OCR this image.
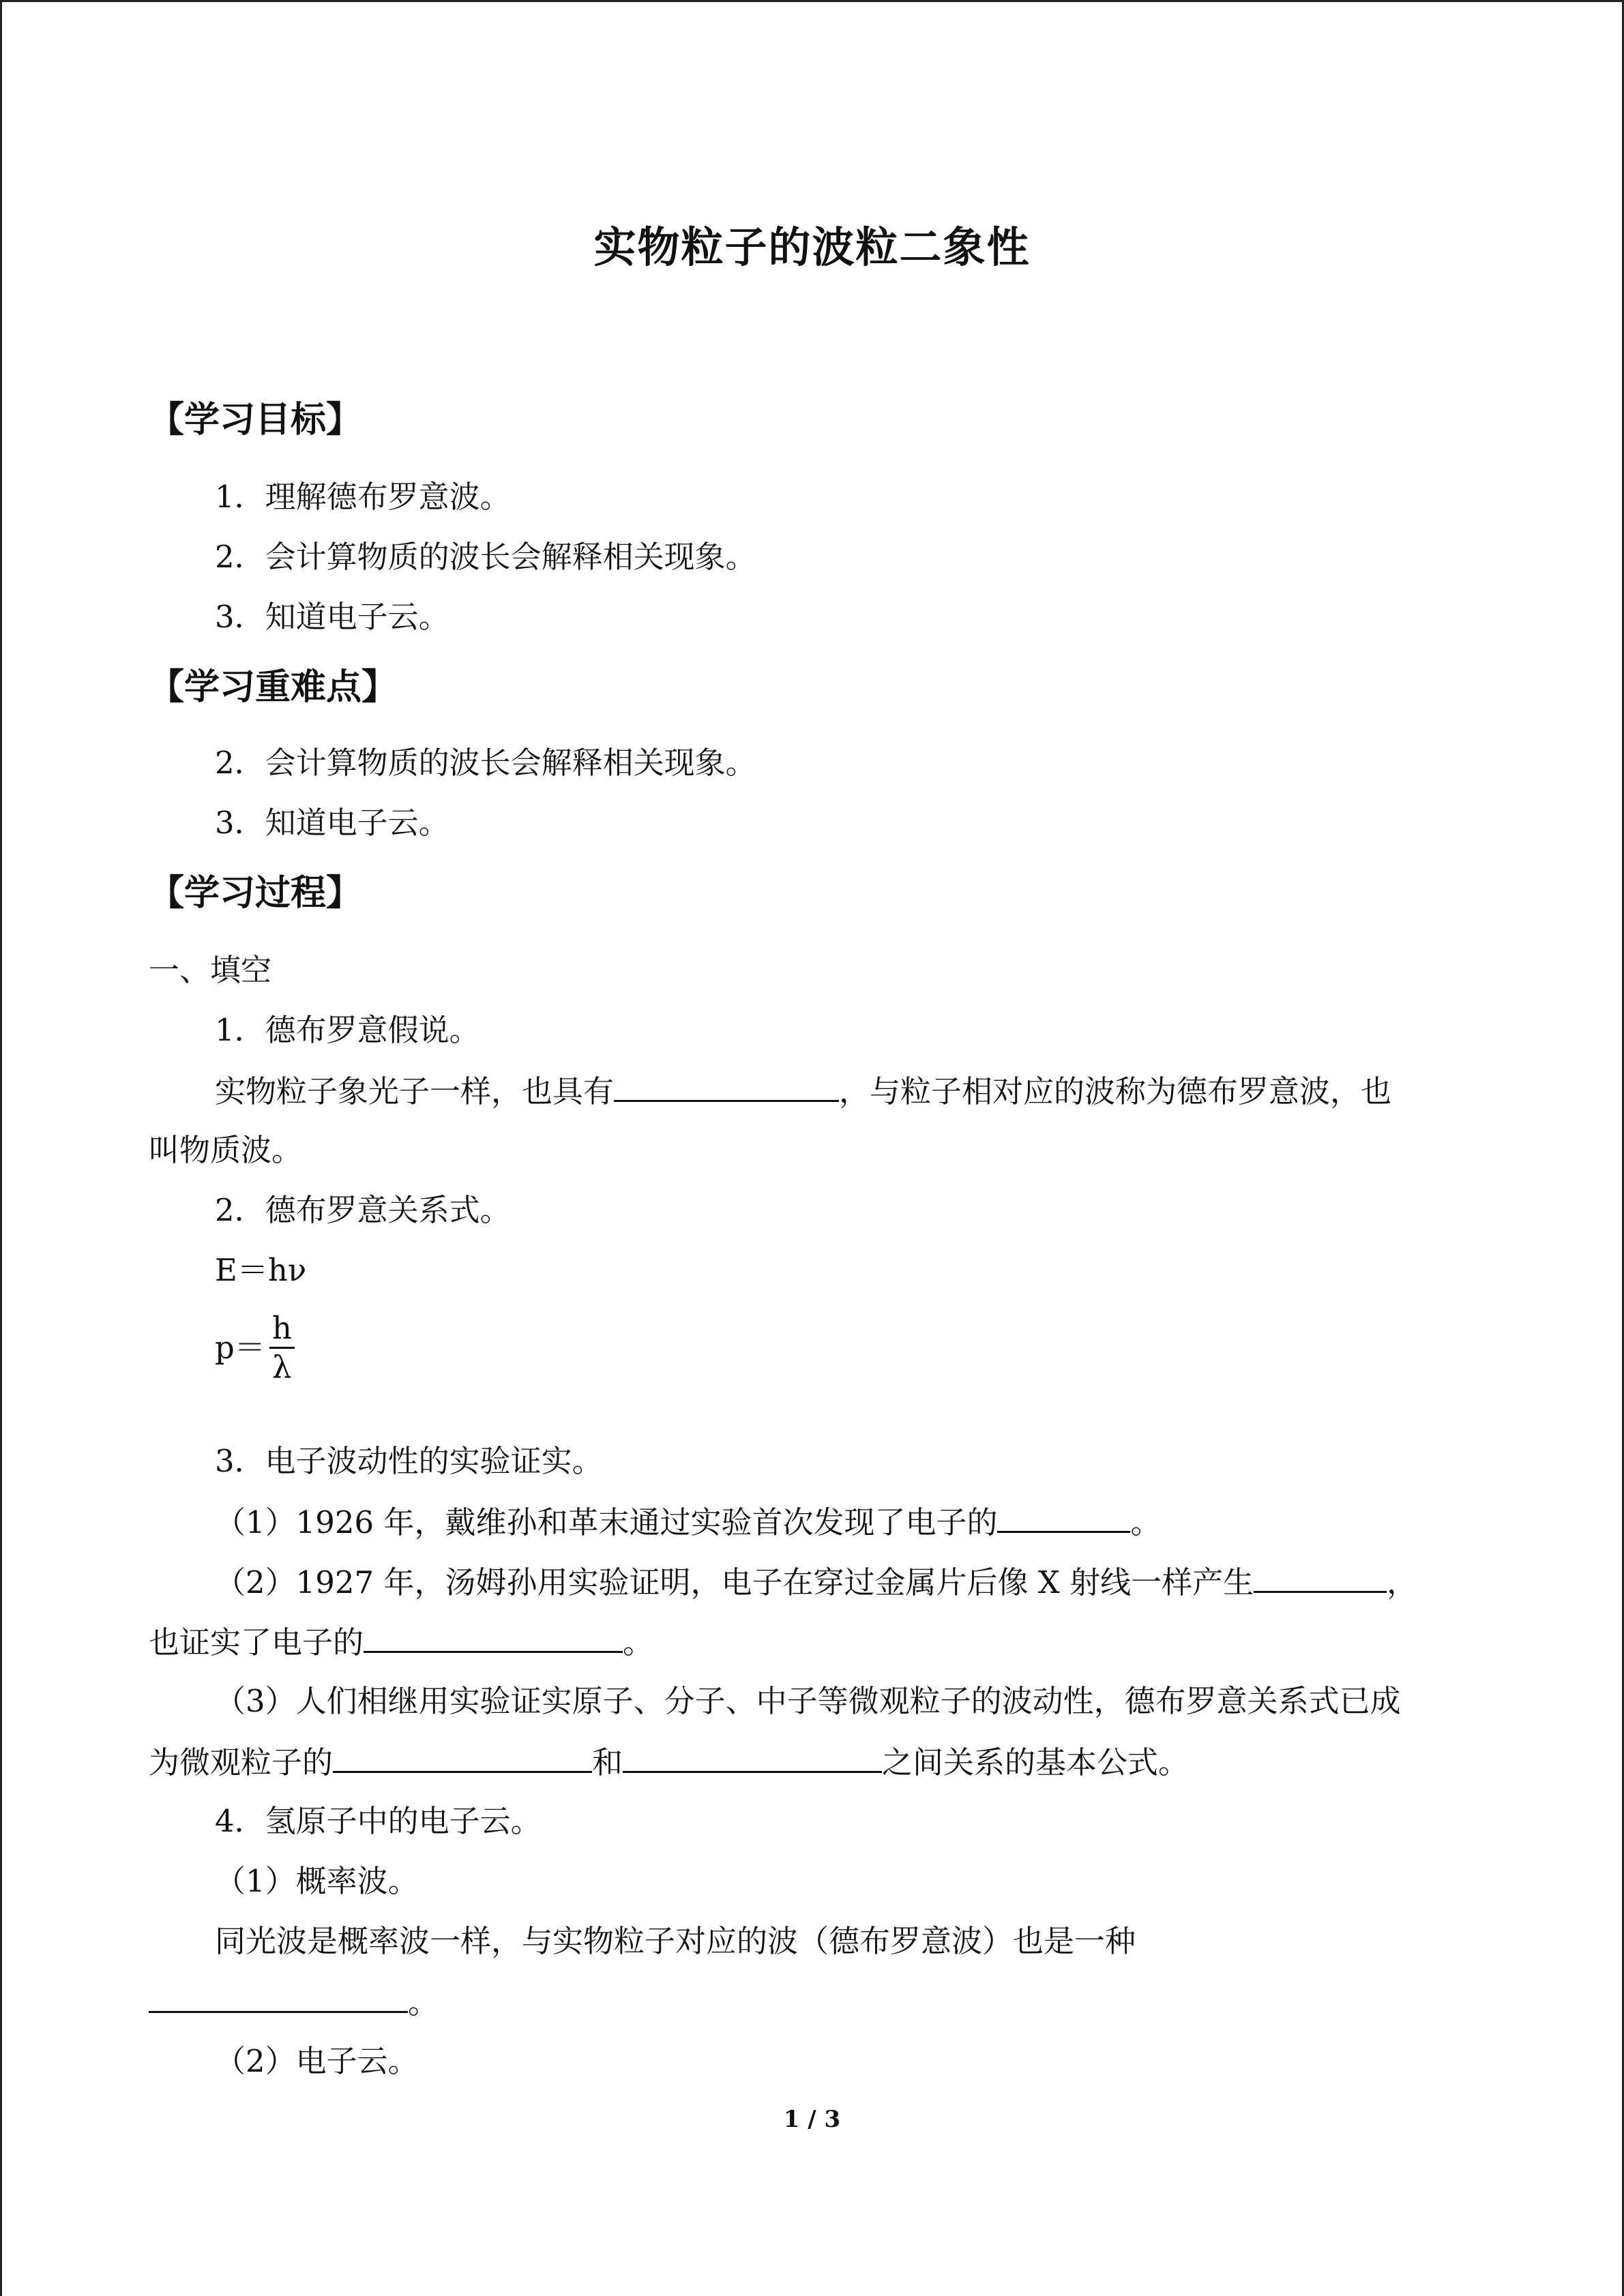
实物粒子的波粒二象性
【学习目标】
1．理解德布罗意波。
2．会计算物质的波长会解释相关现象。
3．知道电子云。
【学习重难点】
2．会计算物质的波长会解释相关现象。
3．知道电子云。
【学习过程】
一、填空
1．德布罗意假说。
实物粒子象光子一样，也具有	，与粒子相对应的波称为德布罗意波，也
叫物质波。
2．德布罗意关系式。
E＝hν
$p= \frac{h}{\lambda}$
3．电子波动性的实验证实。
（1）1926 年，戴维孙和革末通过实验首次发现了电子的	。
（2）1927 年，汤姆孙用实验证明，电子在穿过金属片后像 X 射线一样产生	，
也证实了电子的	。
（3）人们相继用实验证实原子、分子、中子等微观粒子的波动性，德布罗意关系式已成
为微观粒子的	和	之间关系的基本公式。
4．氢原子中的电子云。
（1）概率波。
同光波是概率波一样，与实物粒子对应的波（德布罗意波）也是一种
。
（2）电子云。
1 / 3
